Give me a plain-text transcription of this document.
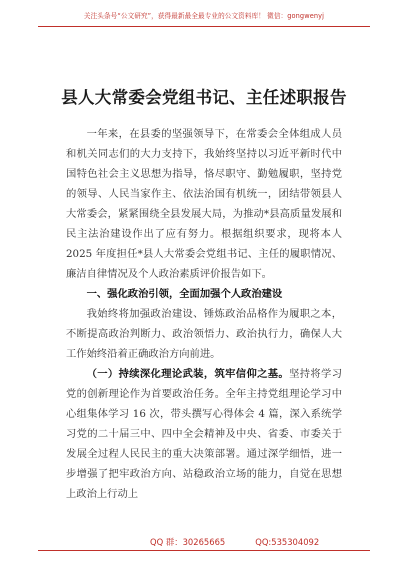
关注头条号“公文研究”，获得最新最全最专业的公文资料库！ 微信：gongwenyj
县人大常委会党组书记、主任述职报告

一年来，在县委的坚强领导下，在常委会全体组成人员和机关同志们的大力支持下，我始终坚持以习近平新时代中国特色社会主义思想为指导，恪尽职守、勤勉履职，坚持党的领导、人民当家作主、依法治国有机统一，团结带领县人大常委会，紧紧围绕全县发展大局，为推动*县高质量发展和民主法治建设作出了应有努力。根据组织要求，现将本人 2025 年度担任*县人大常委会党组书记、主任的履职情况、廉洁自律情况及个人政治素质评价报告如下。

一、强化政治引领，全面加强个人政治建设

我始终将加强政治建设、锤炼政治品格作为履职之本，不断提高政治判断力、政治领悟力、政治执行力，确保人大工作始终沿着正确政治方向前进。

（一）持续深化理论武装，筑牢信仰之基。坚持将学习党的创新理论作为首要政治任务。全年主持党组理论学习中心组集体学习 16 次，带头撰写心得体会 4 篇，深入系统学习党的二十届三中、四中全会精神及中央、省委、市委关于发展全过程人民民主的重大决策部署。通过深学细悟，进一步增强了把牢政治方向、站稳政治立场的能力，自觉在思想上政治上行动上

QQ 群：30265665	QQ:535304092
